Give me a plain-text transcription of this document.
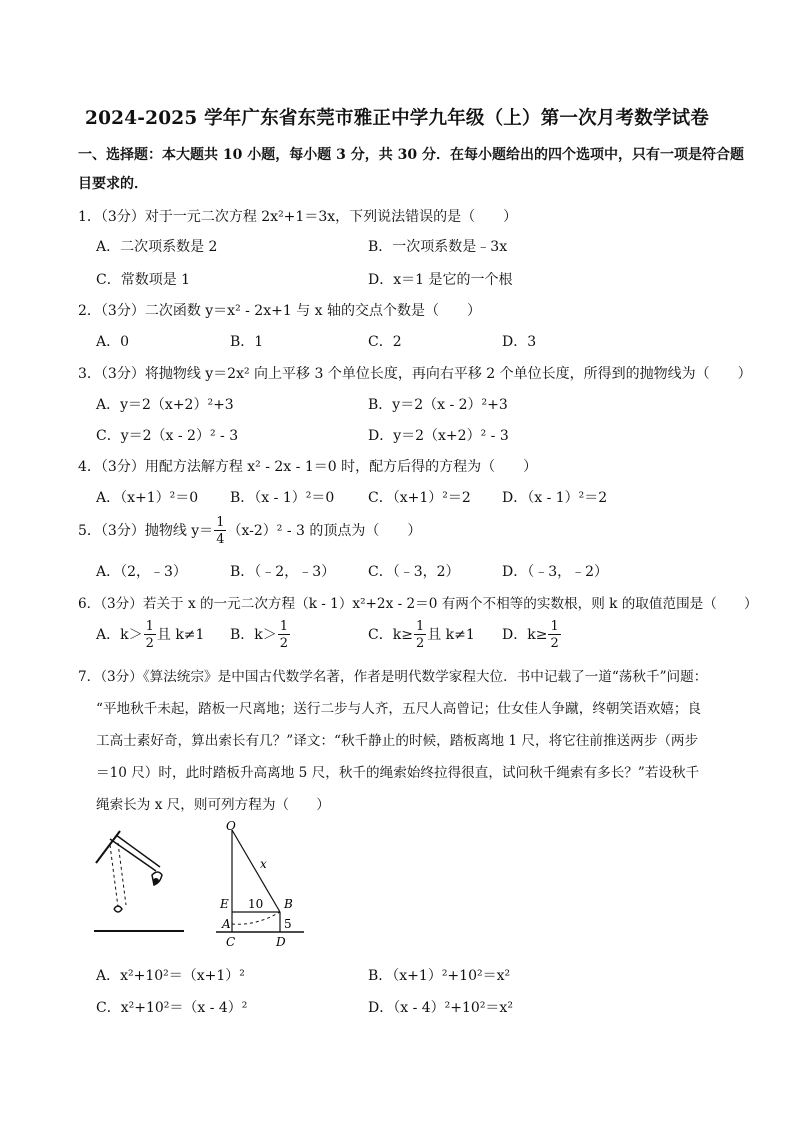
2024-2025 学年广东省东莞市雅正中学九年级（上）第一次月考数学试卷
一、选择题：本大题共 10 小题，每小题 3 分，共 30 分．在每小题给出的四个选项中，只有一项是符合题
目要求的．
1．（3分）对于一元二次方程 2x²+1＝3x，下列说法错误的是（　　）
A．二次项系数是 2	B．一次项系数是﹣3x
C．常数项是 1	D．x＝1 是它的一个根
2．（3分）二次函数 y＝x² - 2x+1 与 x 轴的交点个数是（　　）
A．0	B．1	C．2	D．3
3．（3分）将抛物线 y＝2x² 向上平移 3 个单位长度，再向右平移 2 个单位长度，所得到的抛物线为（　　）
A．y＝2（x+2）²+3	B．y＝2（x - 2）²+3
C．y＝2（x - 2）² - 3	D．y＝2（x+2）² - 3
4．（3分）用配方法解方程 x² - 2x - 1＝0 时，配方后得的方程为（　　）
A．（x+1）²＝0 B．（x - 1）²＝0 C．（x+1）²＝2 D．（x - 1）²＝2
5．（3分）抛物线 $y= \frac{1}{4} (x-2)^2 - 3$ 的顶点为（　　）
A．（2，﹣3）	B．（﹣2，﹣3） C．（﹣3，2）	D．（﹣3，﹣2）
6．（3分）若关于 x 的一元二次方程（k - 1）x²+2x - 2＝0 有两个不相等的实数根，则 k 的取值范围是（　　）
A．$k> \frac{1}{2}$ 且 k≠1 B．$k> \frac{1}{2}$	C．$k\ge \frac{1}{2}$ 且 k≠1 D．$k\ge \frac{1}{2}$
7．（3分）《算法统宗》是中国古代数学名著，作者是明代数学家程大位．书中记载了一道“荡秋千”问题：
“平地秋千未起，踏板一尺离地；送行二步与人齐，五尺人高曾记；仕女佳人争蹴，终朝笑语欢嬉；良
工高士素好奇，算出索长有几？”译文：“秋千静止的时候，踏板离地 1 尺，将它往前推送两步（两步
＝10 尺）时，此时踏板升高离地 5 尺，秋千的绳索始终拉得很直，试问秋千绳索有多长？”若设秋千
绳索长为 x 尺，则可列方程为（　　）
O
x
E 10 B
A	5
C	D
A．x²+10²＝（x+1）²	B．（x+1）²+10²＝x²
C．x²+10²＝（x - 4）²	D．（x - 4）²+10²＝x²
